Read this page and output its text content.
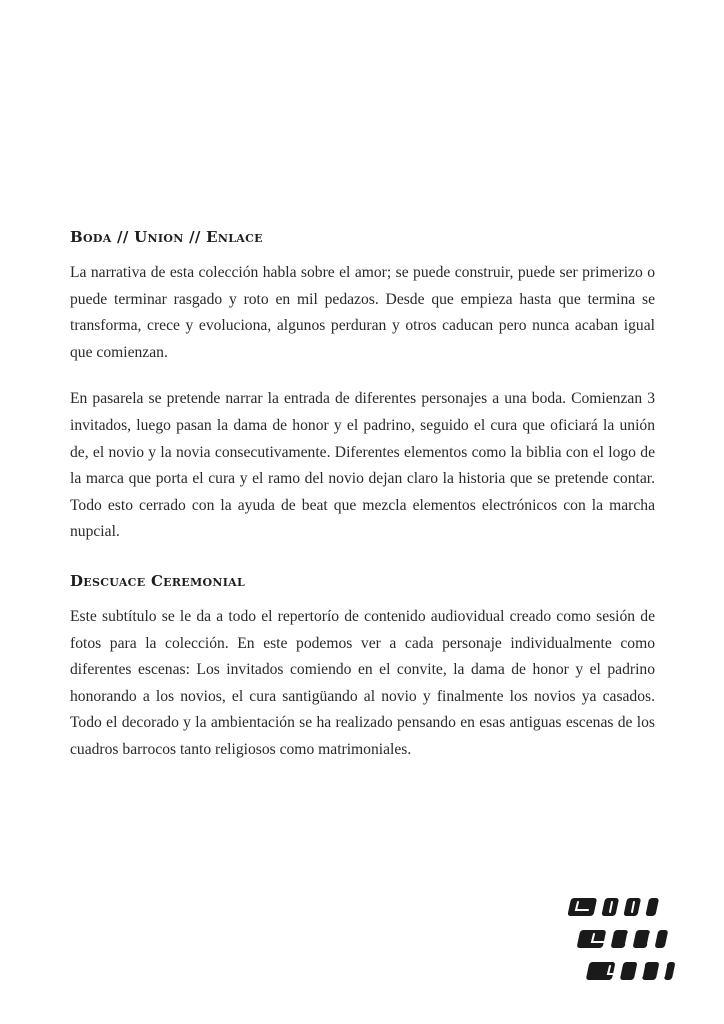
Boda // Union // Enlace

La narrativa de esta colección habla sobre el amor; se puede construir, puede ser primerizo o puede terminar rasgado y roto en mil pedazos. Desde que empieza hasta que termina se transforma, crece y evoluciona, algunos perduran y otros caducan pero nunca acaban igual que comienzan.

En pasarela se pretende narrar la entrada de diferentes personajes a una boda. Comienzan 3 invitados, luego pasan la dama de honor y el padrino, seguido el cura que oficiará la unión de, el novio y la novia consecutivamente. Diferentes elementos como la biblia con el logo de la marca que porta el cura y el ramo del novio dejan claro la historia que se pretende contar. Todo esto cerrado con la ayuda de beat que mezcla elementos electrónicos con la marcha nupcial.

Descuace Ceremonial

Este subtítulo se le da a todo el repertorío de contenido audiovidual creado como sesión de fotos para la colección. En este podemos ver a cada personaje individualmente como diferentes escenas: Los invitados comiendo en el convite, la dama de honor y el padrino honorando a los novios, el cura santigüando al novio y finalmente los novios ya casados. Todo el decorado y la ambientación se ha realizado pensando en esas antiguas escenas de los cuadros barrocos tanto religiosos como matrimoniales.
